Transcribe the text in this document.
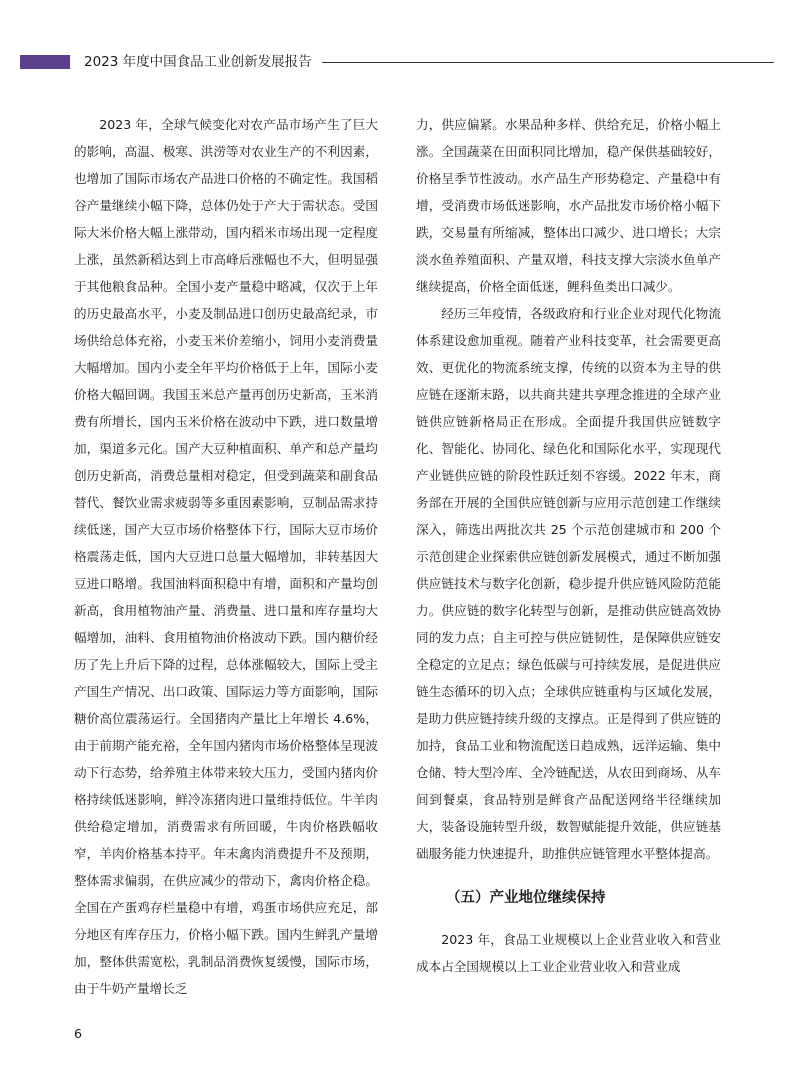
2023 年度中国食品工业创新发展报告

2023 年，全球气候变化对农产品市场产生了巨大的影响，高温、极寒、洪涝等对农业生产的不利因素，也增加了国际市场农产品进口价格的不确定性。我国稻谷产量继续小幅下降，总体仍处于产大于需状态。受国际大米价格大幅上涨带动，国内稻米市场出现一定程度上涨，虽然新稻达到上市高峰后涨幅也不大，但明显强于其他粮食品种。全国小麦产量稳中略减，仅次于上年的历史最高水平，小麦及制品进口创历史最高纪录，市场供给总体充裕，小麦玉米价差缩小，饲用小麦消费量大幅增加。国内小麦全年平均价格低于上年，国际小麦价格大幅回调。我国玉米总产量再创历史新高，玉米消费有所增长，国内玉米价格在波动中下跌，进口数量增加，渠道多元化。国产大豆种植面积、单产和总产量均创历史新高，消费总量相对稳定，但受到蔬菜和副食品替代、餐饮业需求疲弱等多重因素影响，豆制品需求持续低迷，国产大豆市场价格整体下行，国际大豆市场价格震荡走低，国内大豆进口总量大幅增加，非转基因大豆进口略增。我国油料面积稳中有增，面积和产量均创新高，食用植物油产量、消费量、进口量和库存量均大幅增加，油料、食用植物油价格波动下跌。国内糖价经历了先上升后下降的过程，总体涨幅较大，国际上受主产国生产情况、出口政策、国际运力等方面影响，国际糖价高位震荡运行。全国猪肉产量比上年增长 4.6%，由于前期产能充裕，全年国内猪肉市场价格整体呈现波动下行态势，给养殖主体带来较大压力，受国内猪肉价格持续低迷影响，鲜冷冻猪肉进口量维持低位。牛羊肉供给稳定增加，消费需求有所回暖，牛肉价格跌幅收窄，羊肉价格基本持平。年末禽肉消费提升不及预期，整体需求偏弱，在供应减少的带动下，禽肉价格企稳。全国在产蛋鸡存栏量稳中有增，鸡蛋市场供应充足，部分地区有库存压力，价格小幅下跌。国内生鲜乳产量增加，整体供需宽松，乳制品消费恢复缓慢，国际市场，由于牛奶产量增长乏

力，供应偏紧。水果品种多样、供给充足，价格小幅上涨。全国蔬菜在田面积同比增加，稳产保供基础较好，价格呈季节性波动。水产品生产形势稳定、产量稳中有增，受消费市场低迷影响，水产品批发市场价格小幅下跌，交易量有所缩减，整体出口减少、进口增长；大宗淡水鱼养殖面积、产量双增，科技支撑大宗淡水鱼单产继续提高，价格全面低迷，鲤科鱼类出口减少。

经历三年疫情，各级政府和行业企业对现代化物流体系建设愈加重视。随着产业科技变革，社会需要更高效、更优化的物流系统支撑，传统的以资本为主导的供应链在逐渐末路，以共商共建共享理念推进的全球产业链供应链新格局正在形成。全面提升我国供应链数字化、智能化、协同化、绿色化和国际化水平，实现现代产业链供应链的阶段性跃迁刻不容缓。2022 年末，商务部在开展的全国供应链创新与应用示范创建工作继续深入，筛选出两批次共 25 个示范创建城市和 200 个示范创建企业探索供应链创新发展模式，通过不断加强供应链技术与数字化创新，稳步提升供应链风险防范能力。供应链的数字化转型与创新，是推动供应链高效协同的发力点；自主可控与供应链韧性，是保障供应链安全稳定的立足点；绿色低碳与可持续发展，是促进供应链生态循环的切入点；全球供应链重构与区域化发展，是助力供应链持续升级的支撑点。正是得到了供应链的加持，食品工业和物流配送日趋成熟，远洋运输、集中仓储、特大型冷库、全冷链配送，从农田到商场、从车间到餐桌，食品特别是鲜食产品配送网络半径继续加大，装备设施转型升级，数智赋能提升效能，供应链基础服务能力快速提升，助推供应链管理水平整体提高。

（五）产业地位继续保持

2023 年，食品工业规模以上企业营业收入和营业成本占全国规模以上工业企业营业收入和营业成

6
